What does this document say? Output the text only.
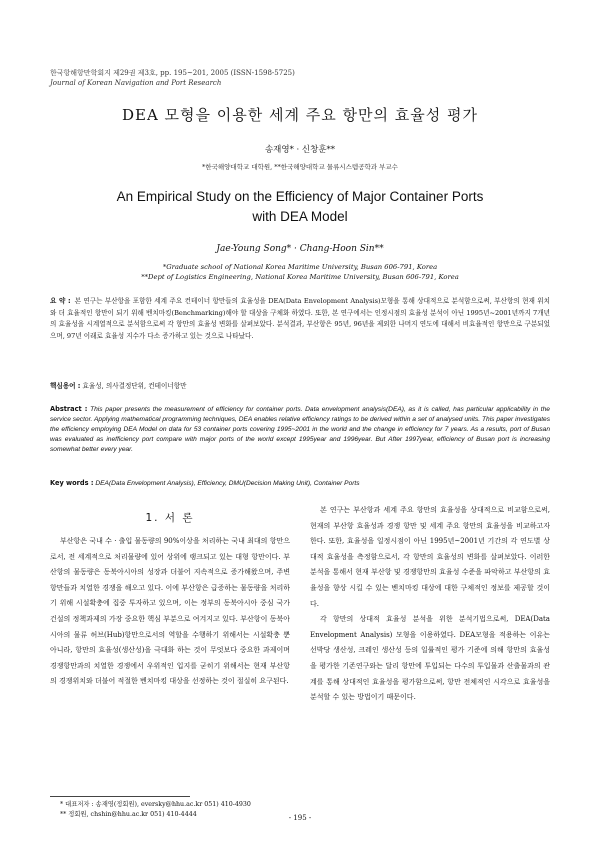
한국항해항만학회지 제29권 제3호, pp. 195~201, 2005 (ISSN-1598-5725)
Journal of Korean Navigation and Port Research
DEA 모형을 이용한 세계 주요 항만의 효율성 평가
송재영* · 신창훈**
*한국해양대학교 대학원, **한국해양대학교 물류시스템공학과 부교수
An Empirical Study on the Efficiency of Major Container Ports
with DEA Model
Jae-Young Song* · Chang-Hoon Sin**
*Graduate school of National Korea Maritime University, Busan 606-791, Korea
**Dept of Logistics Engineering, National Korea Maritime University, Busan 606-791, Korea
요 약 : 본 연구는 부산항을 포함한 세계 주요 컨테이너 항만들의 효율성을 DEA(Data Envelopment Analysis)모형을 통해 상대적으로 분석함으로써, 부산항의 현재 위치와 더 효율적인 항만이 되기 위해 벤치마킹(Benchmarking)해야 할 대상을 구체화 하였다. 또한, 본 연구에서는 인정시점의 효율성 분석이 아닌 1995년~2001년까지 7개년의 효율성을 시계열적으로 분석함으로써 각 항만의 효율성 변화를 살펴보았다. 분석결과, 부산항은 95년, 96년을 제외한 나머지 연도에 대해서 비효율적인 항만으로 구분되었으며, 97년 이래로 효율성 지수가 다소 증가하고 있는 것으로 나타났다.
핵심용어 : 효율성, 의사결정단위, 컨테이너항만
Abstract : This paper presents the measurement of efficiency for container ports. Data envelopment analysis(DEA), as it is called, has particular applicability in the service sector. Applying mathematical programming techniques, DEA enables relative efficiency ratings to be derived within a set of analysed units. This paper investigates the efficiency employing DEA Model on data for 53 container ports covering 1995~2001 in the world and the change in efficiency for 7 years. As a results, port of Busan was evaluated as inefficiency port compare with major ports of the world except 1995year and 1996year. But After 1997year, efficiency of Busan port is increasing somewhat better every year.
Key words : DEA(Data Envelopment Analysis), Efficiency, DMU(Decision Making Unit), Container Ports
1. 서 론

부산항은 국내 수 · 출입 물동량의 90%이상을 처리하는 국내 최대의 항만으로서, 전 세계적으로 처리물량에 있어 상위에 랭크되고 있는 대형 항만이다. 부산항의 물동량은 동북아시아의 성장과 더불어 지속적으로 증가해왔으며, 주변 항만들과 치열한 경쟁을 해오고 있다. 이에 부산항은 급증하는 물동량을 처리하기 위해 시설확충에 집중 투자하고 있으며, 이는 정부의 동북아시아 중심 국가 건설의 정책과제의 가장 중요한 핵심 부분으로 여겨지고 있다. 부산항이 동북아시아의 물류 허브(Hub)항만으로서의 역할을 수행하기 위해서는 시설확충 뿐 아니라, 항만의 효율성(생산성)을 극대화 하는 것이 무엇보다 중요한 과제이며 경쟁항만과의 치열한 경쟁에서 우위적인 입지를 굳히기 위해서는 현재 부산항의 경쟁위치와 더불어 적절한 벤치마킹 대상을 선정하는 것이 절실히 요구된다.

본 연구는 부산항과 세계 주요 항만의 효율성을 상대적으로 비교함으로써, 현재의 부산항 효율성과 경쟁 항만 및 세계 주요 항만의 효율성을 비교하고자 한다. 또한, 효율성을 일정시점이 아닌 1995년~2001년 기간의 각 연도별 상대적 효율성을 측정함으로서, 각 항만의 효율성의 변화를 살펴보았다. 이러한 분석을 통해서 현재 부산항 및 경쟁항만의 효율성 수준을 파악하고 부산항의 효율성을 향상 시킬 수 있는 벤치마킹 대상에 대한 구체적인 정보를 제공할 것이다.

각 항만의 상대적 효율성 분석을 위한 분석기법으로써, DEA(Data Envelopment Analysis) 모형을 이용하였다. DEA모형을 적용하는 이유는 선박당 생산성, 크레인 생산성 등의 일률적인 평가 기준에 의해 항만의 효율성을 평가한 기존연구와는 달리 항만에 투입되는 다수의 투입물과 산출물과의 관계를 통해 상대적인 효율성을 평가함으로써, 항만 전체적인 시각으로 효율성을 분석할 수 있는 방법이기 때문이다.

* 대표저자 : 송재영(정회원), eversky@hhu.ac.kr 051) 410-4930
** 정회원, chshin@hhu.ac.kr 051) 410-4444	- 195 -
